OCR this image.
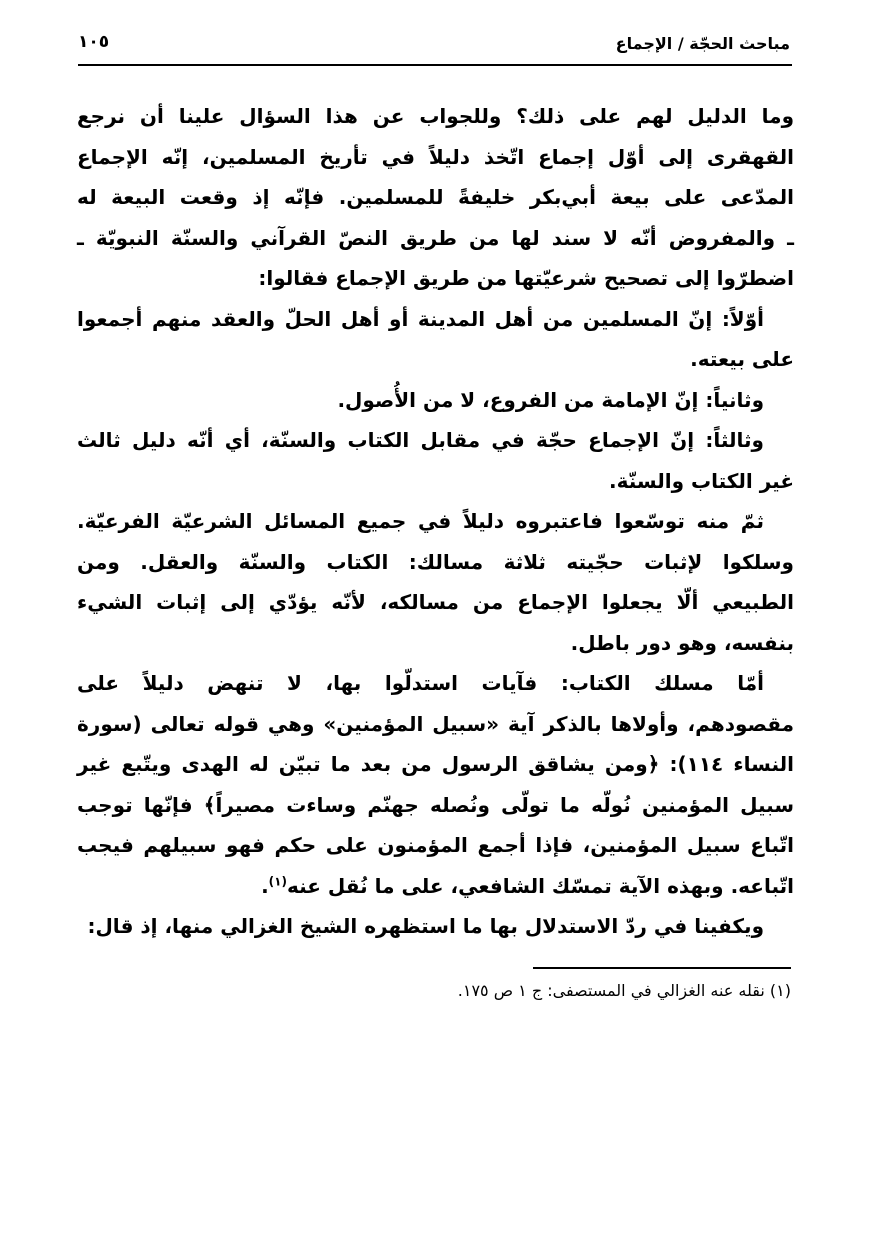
مباحث الحجّة / الإجماع
١٠٥
وما الدليل لهم على ذلك؟ وللجواب عن هذا السؤال علينا أن نرجع
القهقرى إلى أوّل إجماع اتّخذ دليلاً في تأريخ المسلمين، إنّه الإجماع
المدّعى على بيعة أبي‌بكر خليفةً للمسلمين. فإنّه إذ وقعت البيعة له
ـ والمفروض أنّه لا سند لها من طريق النصّ القرآني والسنّة النبويّة ـ
اضطرّوا إلى تصحيح شرعيّتها من طريق الإجماع فقالوا:
أوّلاً: إنّ المسلمين من أهل المدينة أو أهل الحلّ والعقد منهم أجمعوا
على بيعته.
وثانياً: إنّ الإمامة من الفروع، لا من الأُصول.
وثالثاً: إنّ الإجماع حجّة في مقابل الكتاب والسنّة، أي أنّه دليل ثالث
غير الكتاب والسنّة.
ثمّ منه توسّعوا فاعتبروه دليلاً في جميع المسائل الشرعيّة الفرعيّة.
وسلكوا لإثبات حجّيته ثلاثة مسالك: الكتاب والسنّة والعقل. ومن
الطبيعي ألّا يجعلوا الإجماع من مسالكه، لأنّه يؤدّي إلى إثبات الشيء
بنفسه، وهو دور باطل.
أمّا مسلك الكتاب: فآيات استدلّوا بها، لا تنهض دليلاً على
مقصودهم، وأولاها بالذكر آية «سبيل المؤمنين» وهي قوله تعالى (سورة
النساء ١١٤): ﴿ومن يشاقق الرسول من بعد ما تبيّن له الهدى ويتّبع غير
سبيل المؤمنين نُولّه ما تولّى ونُصله جهنّم وساءت مصيراً﴾ فإنّها توجب
اتّباع سبيل المؤمنين، فإذا أجمع المؤمنون على حكم فهو سبيلهم فيجب
اتّباعه. وبهذه الآية تمسّك الشافعي، على ما نُقل عنه$^{(١)}$.
ويكفينا في ردّ الاستدلال بها ما استظهره الشيخ الغزالي منها، إذ قال:
(١) نقله عنه الغزالي في المستصفى: ج ١ ص ١٧٥.
